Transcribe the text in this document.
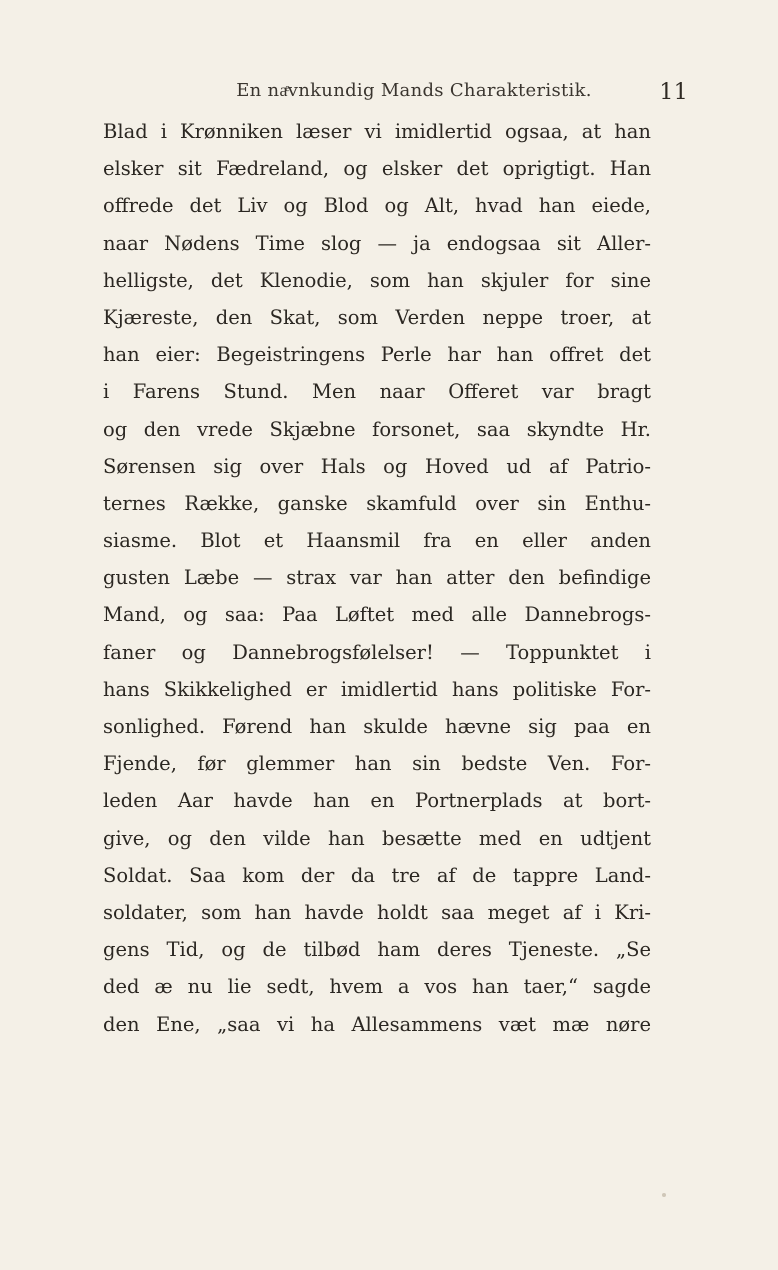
En naͤvnkundig Mands Charakteristik.	11
Blad i Krønniken læser vi imidlertid ogsaa, at han
elsker sit Fædreland, og elsker det oprigtigt. Han
offrede det Liv og Blod og Alt, hvad han eiede,
naar Nødens Time slog — ja endogsaa sit Aller-
helligste, det Klenodie, som han skjuler for sine
Kjæreste, den Skat, som Verden neppe troer, at
han eier: Begeistringens Perle har han offret det
i Farens Stund. Men naar Offeret var bragt
og den vrede Skjæbne forsonet, saa skyndte Hr.
Sørensen sig over Hals og Hoved ud af Patrio-
ternes Række, ganske skamfuld over sin Enthu-
siasme. Blot et Haansmil fra en eller anden
gusten Læbe — strax var han atter den befindige
Mand, og saa: Paa Løftet med alle Dannebrogs-
faner og Dannebrogsfølelser! — Toppunktet i
hans Skikkelighed er imidlertid hans politiske For-
sonlighed. Førend han skulde hævne sig paa en
Fjende, før glemmer han sin bedste Ven. For-
leden Aar havde han en Portnerplads at bort-
give, og den vilde han besætte med en udtjent
Soldat. Saa kom der da tre af de tappre Land-
soldater, som han havde holdt saa meget af i Kri-
gens Tid, og de tilbød ham deres Tjeneste. „Se
ded æ nu lie sedt, hvem a vos han taer,“ sagde
den Ene, „saa vi ha Allesammens væt mæ nøre
